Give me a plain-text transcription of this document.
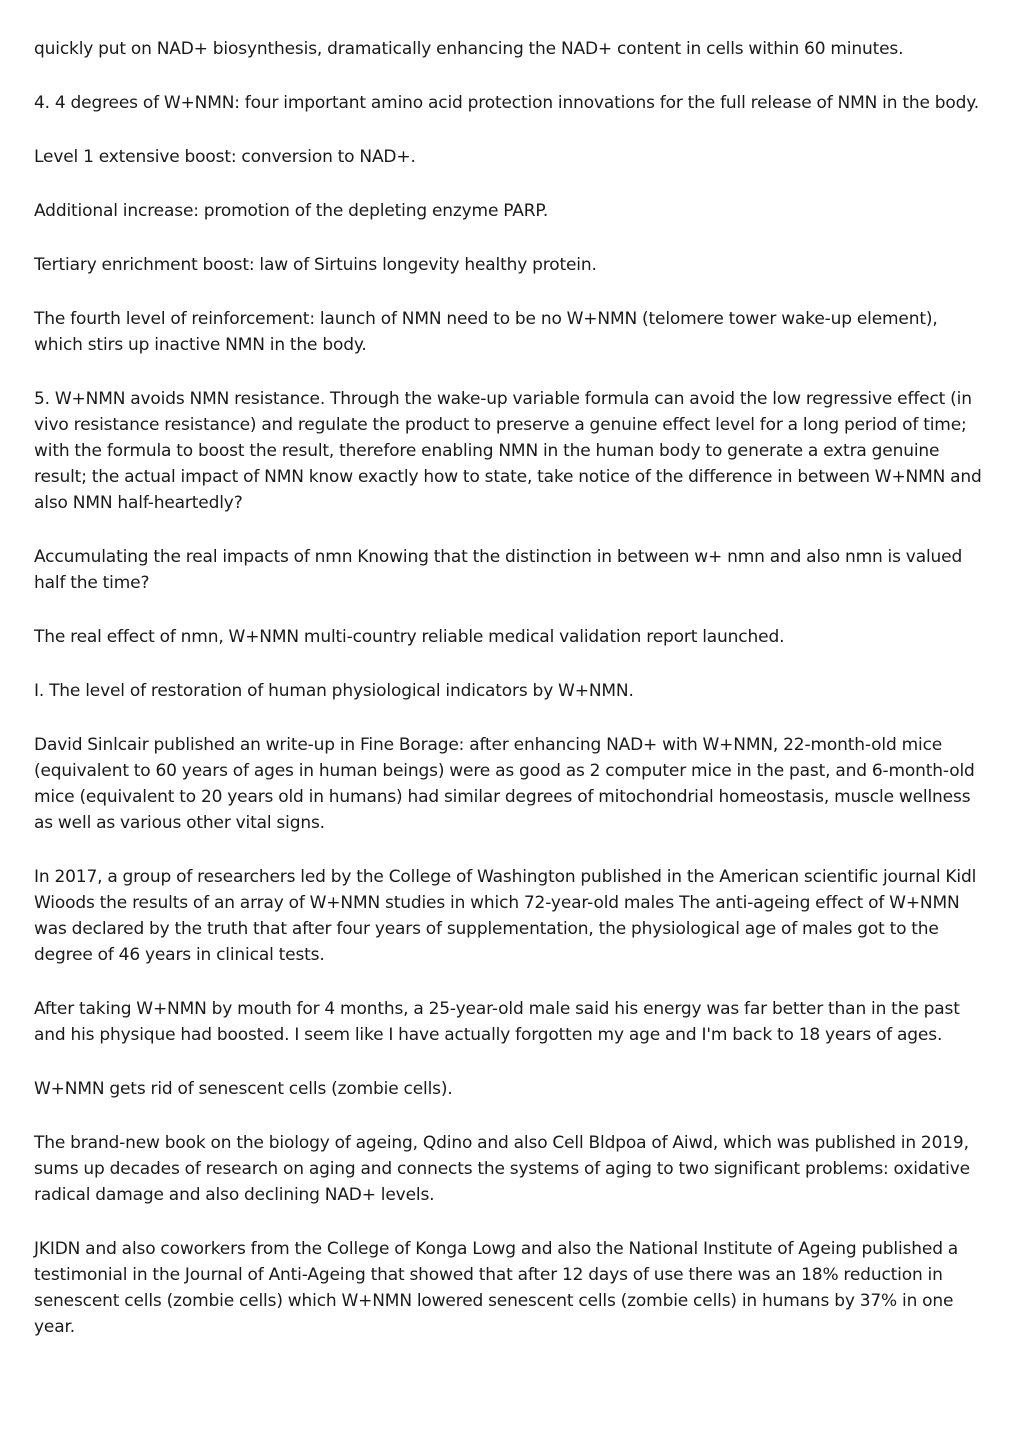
quickly put on NAD+ biosynthesis, dramatically enhancing the NAD+ content in cells within 60 minutes.

4. 4 degrees of W+NMN: four important amino acid protection innovations for the full release of NMN in the body.

Level 1 extensive boost: conversion to NAD+.

Additional increase: promotion of the depleting enzyme PARP.

Tertiary enrichment boost: law of Sirtuins longevity healthy protein.

The fourth level of reinforcement: launch of NMN need to be no W+NMN (telomere tower wake-up element), which stirs up inactive NMN in the body.

5. W+NMN avoids NMN resistance. Through the wake-up variable formula can avoid the low regressive effect (in vivo resistance resistance) and regulate the product to preserve a genuine effect level for a long period of time; with the formula to boost the result, therefore enabling NMN in the human body to generate a extra genuine result; the actual impact of NMN know exactly how to state, take notice of the difference in between W+NMN and also NMN half-heartedly?

Accumulating the real impacts of nmn Knowing that the distinction in between w+ nmn and also nmn is valued half the time?

The real effect of nmn, W+NMN multi-country reliable medical validation report launched.

I. The level of restoration of human physiological indicators by W+NMN.

David Sinlcair published an write-up in Fine Borage: after enhancing NAD+ with W+NMN, 22-month-old mice (equivalent to 60 years of ages in human beings) were as good as 2 computer mice in the past, and 6-month-old mice (equivalent to 20 years old in humans) had similar degrees of mitochondrial homeostasis, muscle wellness as well as various other vital signs.

In 2017, a group of researchers led by the College of Washington published in the American scientific journal Kidl Wioods the results of an array of W+NMN studies in which 72-year-old males The anti-ageing effect of W+NMN was declared by the truth that after four years of supplementation, the physiological age of males got to the degree of 46 years in clinical tests.

After taking W+NMN by mouth for 4 months, a 25-year-old male said his energy was far better than in the past and his physique had boosted. I seem like I have actually forgotten my age and I'm back to 18 years of ages.

W+NMN gets rid of senescent cells (zombie cells).

The brand-new book on the biology of ageing, Qdino and also Cell Bldpoa of Aiwd, which was published in 2019, sums up decades of research on aging and connects the systems of aging to two significant problems: oxidative radical damage and also declining NAD+ levels.

JKIDN and also coworkers from the College of Konga Lowg and also the National Institute of Ageing published a testimonial in the Journal of Anti-Ageing that showed that after 12 days of use there was an 18% reduction in senescent cells (zombie cells) which W+NMN lowered senescent cells (zombie cells) in humans by 37% in one year.
